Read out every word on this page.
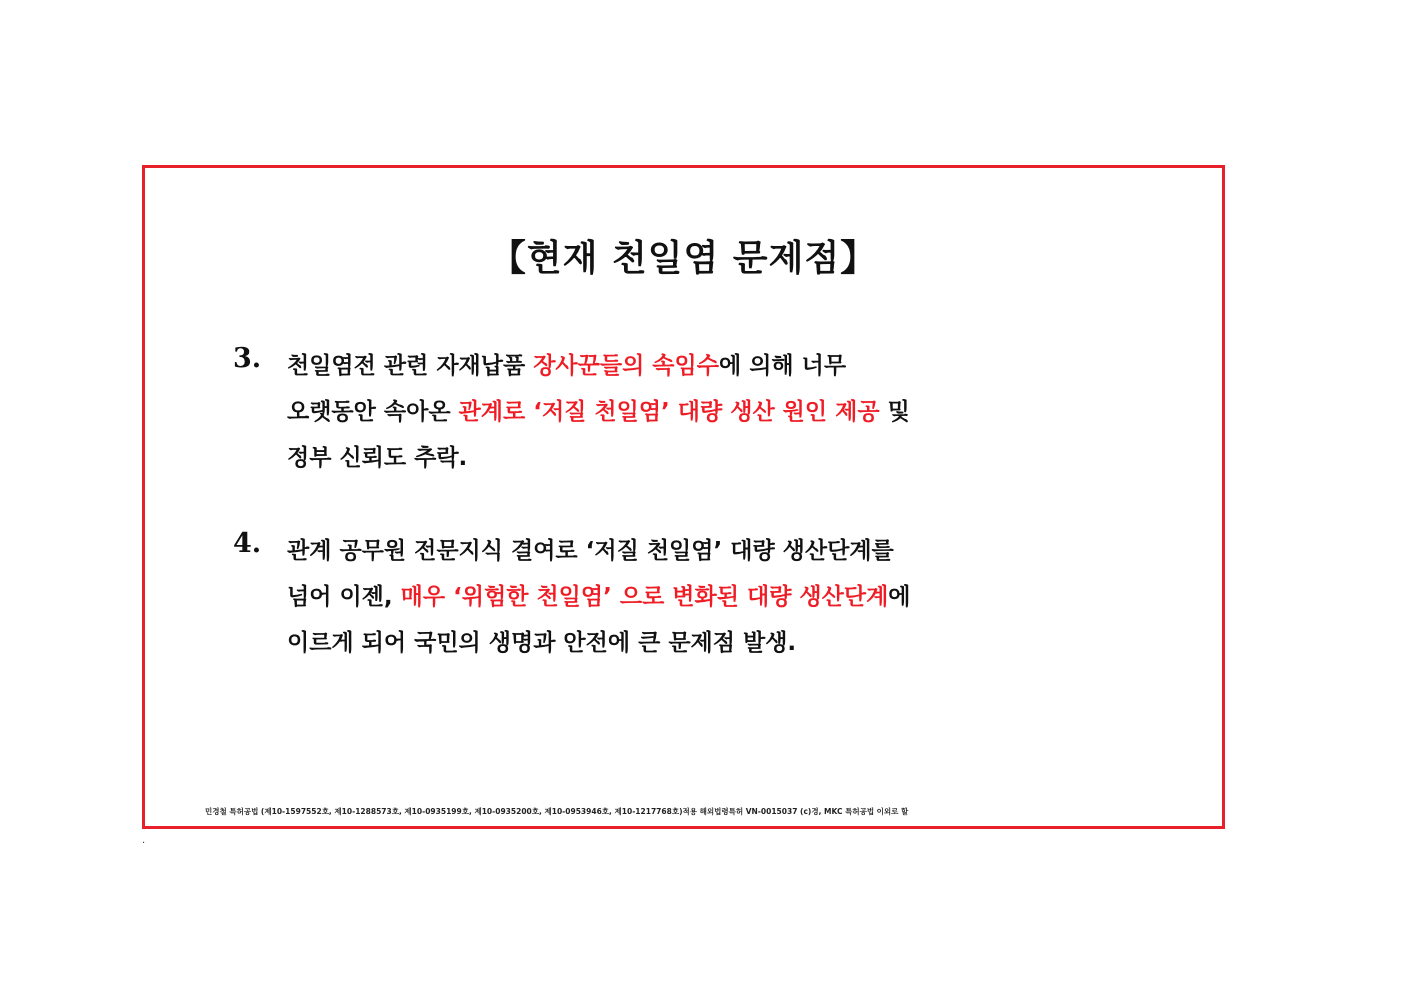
【현재 천일염 문제점】
3. 천일염전 관련 자재납품 장사꾼들의 속임수에 의해 너무
오랫동안 속아온 관계로 ‘저질 천일염’ 대량 생산 원인 제공 및
정부 신뢰도 추락.
4. 관계 공무원 전문지식 결여로 ‘저질 천일염’ 대량 생산단계를
넘어 이젠, 매우 ‘위험한 천일염’ 으로 변화된 대량 생산단계에
이르게 되어 국민의 생명과 안전에 큰 문제점 발생.
민경철 특허공법 (제10-1597552호, 제10-1288573호, 제10-0935199호, 제10-0935200호, 제10-0953946호, 제10-1217768호)적용 해외법령특허 VN-0015037 (c)경, MKC 특허공법 이외로 할
.
